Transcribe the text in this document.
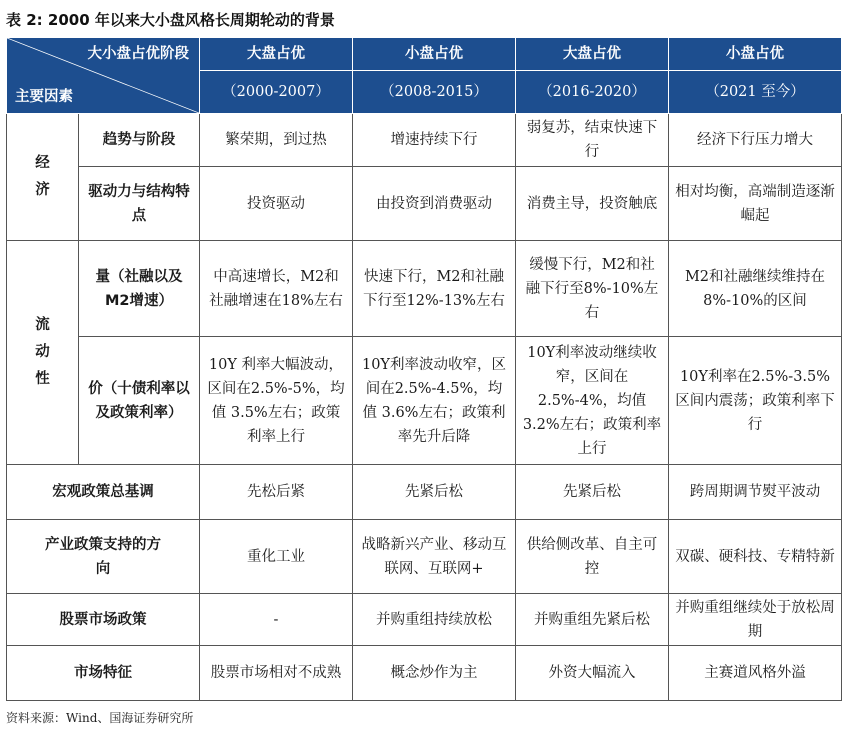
表 2: 2000 年以来大小盘风格长周期轮动的背景
大小盘占优阶段
主要因素		大盘占优	小盘占优	大盘占优	小盘占优
		（2000-2007）	（2008-2015）	（2016-2020）	（2021 至今）

经
济	趋势与阶段	繁荣期，到过热	增速持续下行	弱复苏，结束快速下行	经济下行压力增大
	驱动力与结构特点	投资驱动	由投资到消费驱动	消费主导，投资触底	相对均衡，高端制造逐渐崛起

流
动
性	量（社融以及M2增速）	中高速增长，M2和社融增速在18%左右	快速下行，M2和社融下行至12%-13%左右	缓慢下行，M2和社融下行至8%-10%左右	M2和社融继续维持在8%-10%的区间
	价（十债利率以及政策利率）	10Y 利率大幅波动，区间在2.5%-5%，均值 3.5%左右；政策利率上行	10Y利率波动收窄，区间在2.5%-4.5%，均值 3.6%左右；政策利率先升后降	10Y利率波动继续收窄，区间在2.5%-4%，均值3.2%左右；政策利率上行	10Y利率在2.5%-3.5%区间内震荡；政策利率下行
宏观政策总基调		先松后紧	先紧后松	先紧后松	跨周期调节熨平波动
产业政策支持的方向		重化工业	战略新兴产业、移动互联网、互联网+	供给侧改革、自主可控	双碳、硬科技、专精特新
股票市场政策		-	并购重组持续放松	并购重组先紧后松	并购重组继续处于放松周期
市场特征		股票市场相对不成熟	概念炒作为主	外资大幅流入	主赛道风格外溢
资料来源：Wind、国海证券研究所
